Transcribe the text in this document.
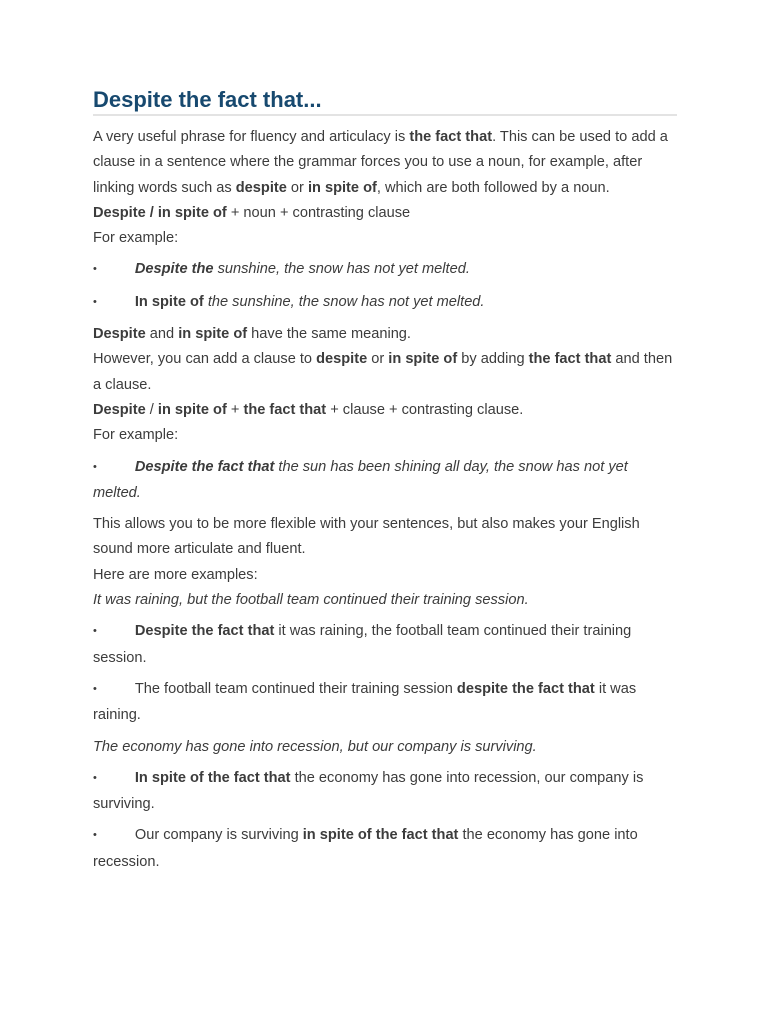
Despite the fact that...

A very useful phrase for fluency and articulacy is the fact that. This can be used to add a clause in a sentence where the grammar forces you to use a noun, for example, after linking words such as despite or in spite of, which are both followed by a noun.

Despite / in spite of + noun + contrasting clause

For example:

•	Despite the sunshine, the snow has not yet melted.
•	In spite of the sunshine, the snow has not yet melted.

Despite and in spite of have the same meaning.

However, you can add a clause to despite or in spite of by adding the fact that and then a clause.

Despite / in spite of + the fact that + clause + contrasting clause.

For example:

•	Despite the fact that the sun has been shining all day, the snow has not yet melted.

This allows you to be more flexible with your sentences, but also makes your English sound more articulate and fluent.

Here are more examples:

It was raining, but the football team continued their training session.

•	Despite the fact that it was raining, the football team continued their training session.
•	The football team continued their training session despite the fact that it was raining.

The economy has gone into recession, but our company is surviving.

•	In spite of the fact that the economy has gone into recession, our company is surviving.
•	Our company is surviving in spite of the fact that the economy has gone into recession.
